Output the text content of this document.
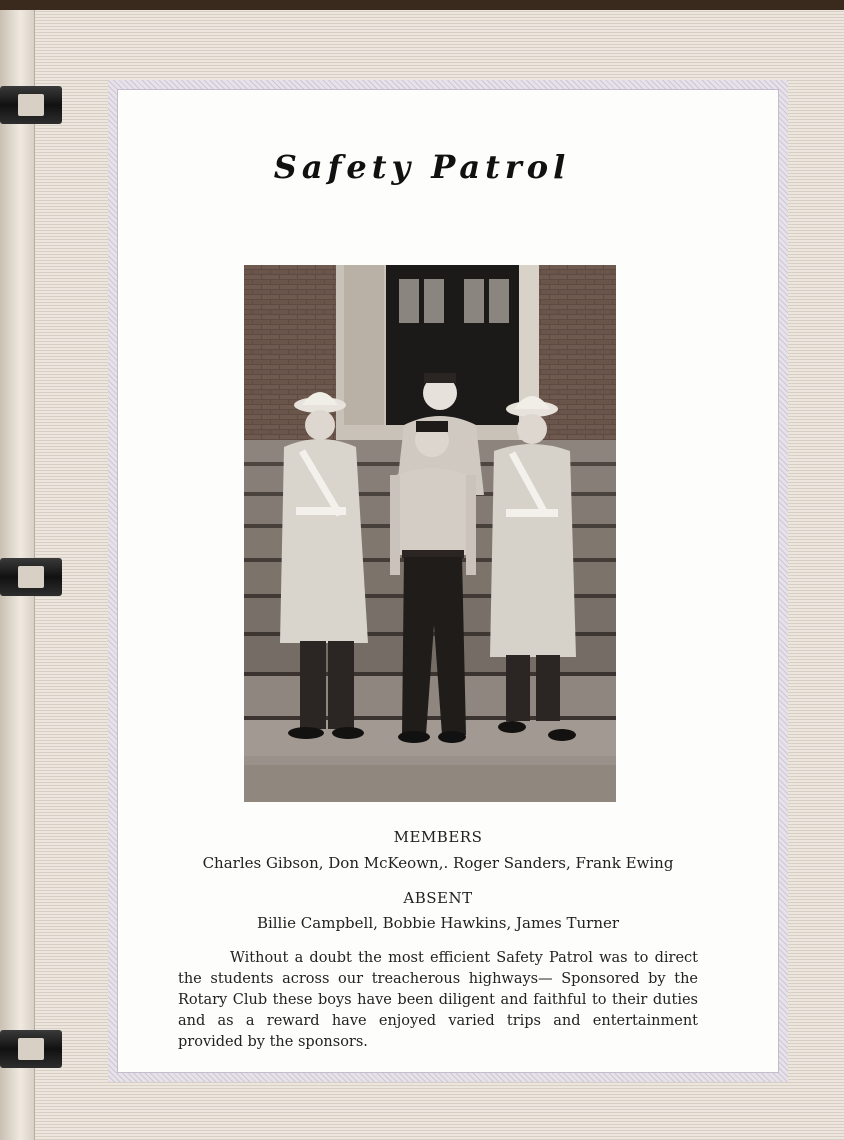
Safety Patrol
MEMBERS
Charles Gibson, Don McKeown,. Roger Sanders, Frank Ewing
ABSENT
Billie Campbell, Bobbie Hawkins, James Turner
Without a doubt the most efficient Safety Patrol was to direct the students across our treacherous highways— Sponsored by the Rotary Club these boys have been diligent and faithful to their duties and as a reward have enjoyed varied trips and entertainment provided by the sponsors.
